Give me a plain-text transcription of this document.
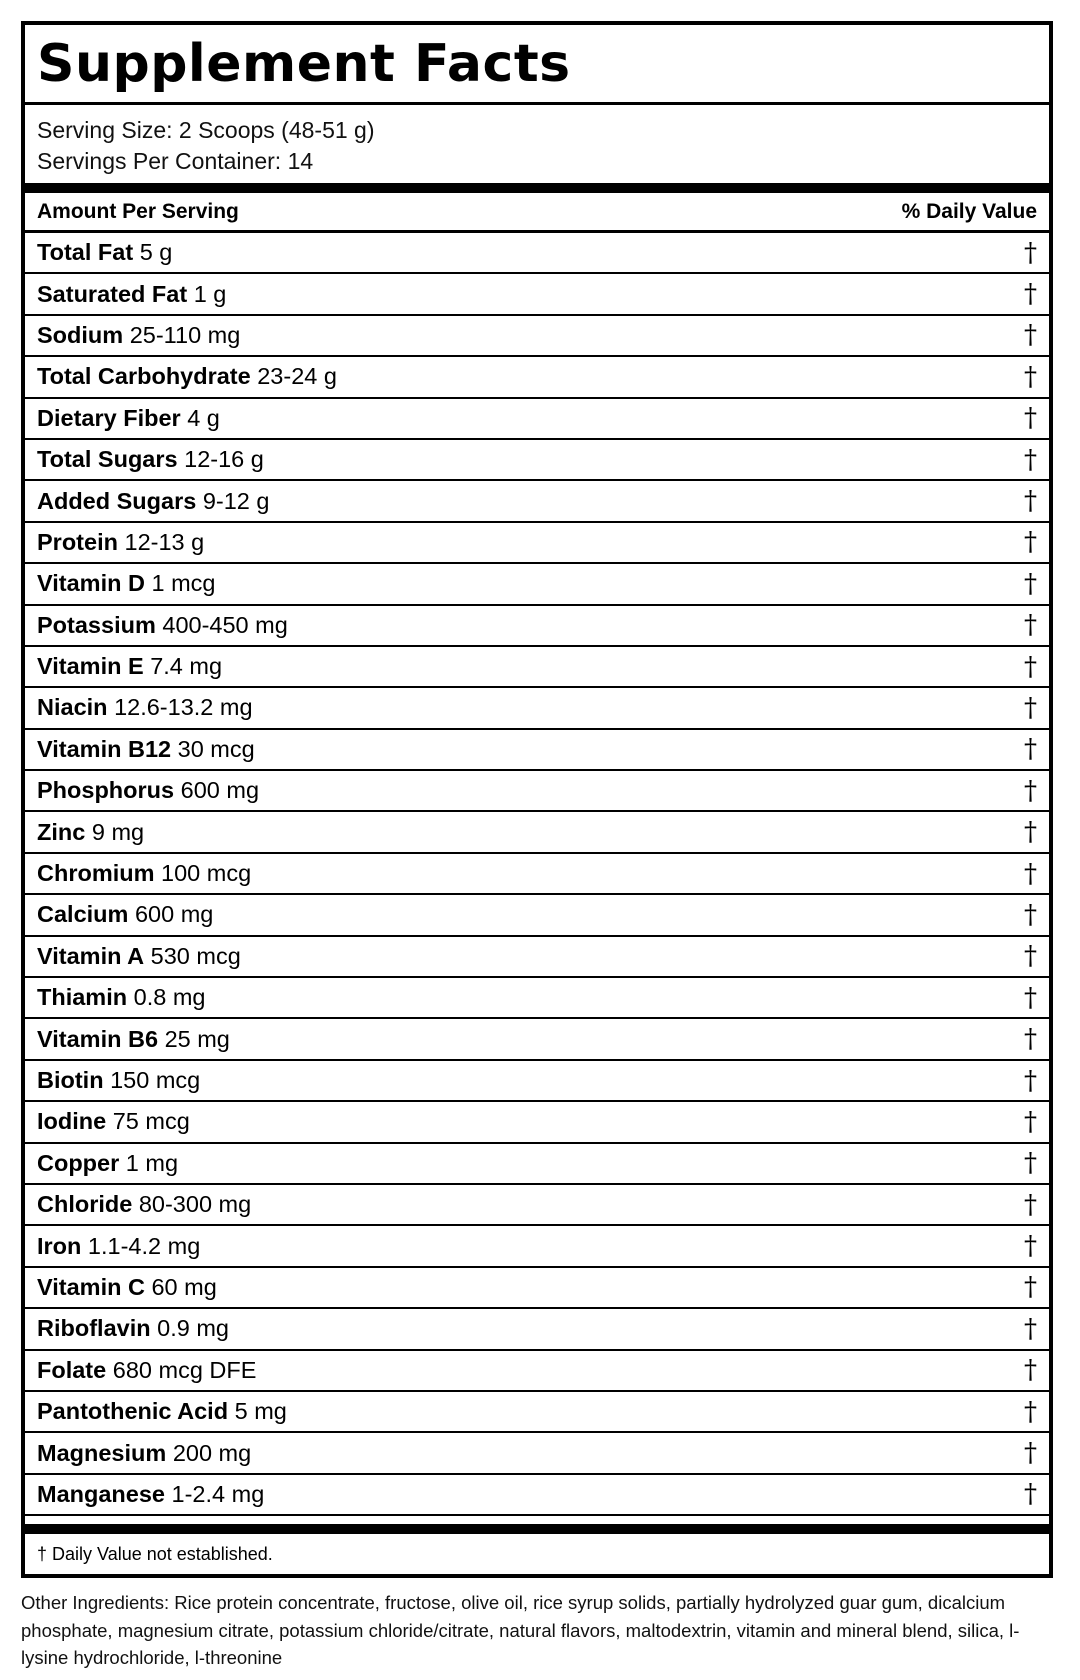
Supplement Facts
Serving Size: 2 Scoops (48-51 g)
Servings Per Container: 14
Amount Per Serving	% Daily Value
Total Fat 5 g	†
Saturated Fat 1 g	†
Sodium 25-110 mg	†
Total Carbohydrate 23-24 g	†
Dietary Fiber 4 g	†
Total Sugars 12-16 g	†
Added Sugars 9-12 g	†
Protein 12-13 g	†
Vitamin D 1 mcg	†
Potassium 400-450 mg	†
Vitamin E 7.4 mg	†
Niacin 12.6-13.2 mg	†
Vitamin B12 30 mcg	†
Phosphorus 600 mg	†
Zinc 9 mg	†
Chromium 100 mcg	†
Calcium 600 mg	†
Vitamin A 530 mcg	†
Thiamin 0.8 mg	†
Vitamin B6 25 mg	†
Biotin 150 mcg	†
Iodine 75 mcg	†
Copper 1 mg	†
Chloride 80-300 mg	†
Iron 1.1-4.2 mg	†
Vitamin C 60 mg	†
Riboflavin 0.9 mg	†
Folate 680 mcg DFE	†
Pantothenic Acid 5 mg	†
Magnesium 200 mg	†
Manganese 1-2.4 mg	†
† Daily Value not established.
Other Ingredients: Rice protein concentrate, fructose, olive oil, rice syrup solids, partially hydrolyzed guar gum, dicalcium phosphate, magnesium citrate, potassium chloride/citrate, natural flavors, maltodextrin, vitamin and mineral blend, silica, l-lysine hydrochloride, l-threonine
